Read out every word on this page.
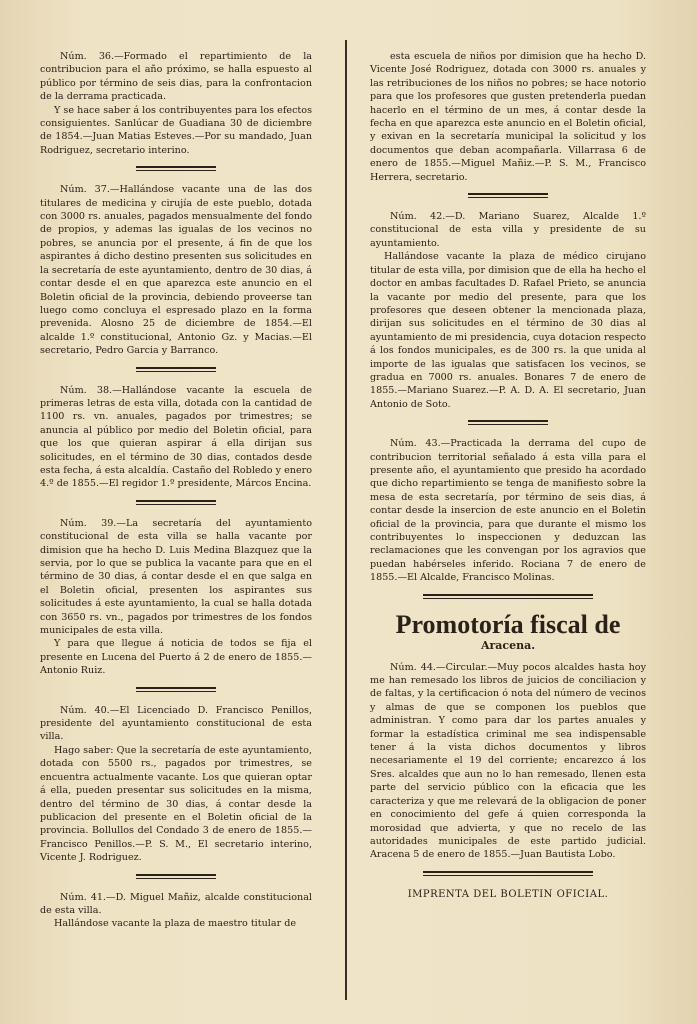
Núm. 36.—Formado el repartimiento de la contribucion para el año próximo, se halla espuesto al público por término de seis dias, para la confrontacion de la derrama practicada.

Y se hace saber á los contribuyentes para los efectos consiguientes. Sanlúcar de Guadiana 30 de diciembre de 1854.—Juan Matias Esteves.—Por su mandado, Juan Rodriguez, secretario interino.

Núm. 37.—Hallándose vacante una de las dos titulares de medicina y cirujía de este pueblo, dotada con 3000 rs. anuales, pagados mensualmente del fondo de propios, y ademas las igualas de los vecinos no pobres, se anuncia por el presente, á fin de que los aspirantes á dicho destino presenten sus solicitudes en la secretaría de este ayuntamiento, dentro de 30 dias, á contar desde el en que aparezca este anuncio en el Boletin oficial de la provincia, debiendo proveerse tan luego como concluya el espresado plazo en la forma prevenida. Alosno 25 de diciembre de 1854.—El alcalde 1.º constitucional, Antonio Gz. y Macias.—El secretario, Pedro Garcia y Barranco.

Núm. 38.—Hallándose vacante la escuela de primeras letras de esta villa, dotada con la cantidad de 1100 rs. vn. anuales, pagados por trimestres; se anuncia al público por medio del Boletin oficial, para que los que quieran aspirar á ella dirijan sus solicitudes, en el término de 30 dias, contados desde esta fecha, á esta alcaldía. Castaño del Robledo y enero 4.º de 1855.—El regidor 1.º presidente, Márcos Encina.

Núm. 39.—La secretaría del ayuntamiento constitucional de esta villa se halla vacante por dimision que ha hecho D. Luis Medina Blazquez que la servia, por lo que se publica la vacante para que en el término de 30 dias, á contar desde el en que salga en el Boletin oficial, presenten los aspirantes sus solicitudes á este ayuntamiento, la cual se halla dotada con 3650 rs. vn., pagados por trimestres de los fondos municipales de esta villa.

Y para que llegue á noticia de todos se fija el presente en Lucena del Puerto á 2 de enero de 1855.—Antonio Ruiz.

Núm. 40.—El Licenciado D. Francisco Penillos, presidente del ayuntamiento constitucional de esta villa.

Hago saber: Que la secretaría de este ayuntamiento, dotada con 5500 rs., pagados por trimestres, se encuentra actualmente vacante. Los que quieran optar á ella, pueden presentar sus solicitudes en la misma, dentro del término de 30 dias, á contar desde la publicacion del presente en el Boletin oficial de la provincia. Bollullos del Condado 3 de enero de 1855.—Francisco Penillos.—P. S. M., El secretario interino, Vicente J. Rodriguez.

Núm. 41.—D. Miguel Mañiz, alcalde constitucional de esta villa.

Hallándose vacante la plaza de maestro titular de

esta escuela de niños por dimision que ha hecho D. Vicente José Rodriguez, dotada con 3000 rs. anuales y las retribuciones de los niños no pobres; se hace notorio para que los profesores que gusten pretenderla puedan hacerlo en el término de un mes, á contar desde la fecha en que aparezca este anuncio en el Boletin oficial, y exivan en la secretaría municipal la solicitud y los documentos que deban acompañarla. Villarrasa 6 de enero de 1855.—Miguel Mañiz.—P. S. M., Francisco Herrera, secretario.

Núm. 42.—D. Mariano Suarez, Alcalde 1.º constitucional de esta villa y presidente de su ayuntamiento.

Hallándose vacante la plaza de médico cirujano titular de esta villa, por dimision que de ella ha hecho el doctor en ambas facultades D. Rafael Prieto, se anuncia la vacante por medio del presente, para que los profesores que deseen obtener la mencionada plaza, dirijan sus solicitudes en el término de 30 dias al ayuntamiento de mi presidencia, cuya dotacion respecto á los fondos municipales, es de 300 rs. la que unida al importe de las igualas que satisfacen los vecinos, se gradua en 7000 rs. anuales. Bonares 7 de enero de 1855.—Mariano Suarez.—P. A. D. A. El secretario, Juan Antonio de Soto.

Núm. 43.—Practicada la derrama del cupo de contribucion territorial señalado á esta villa para el presente año, el ayuntamiento que presido ha acordado que dicho repartimiento se tenga de manifiesto sobre la mesa de esta secretaría, por término de seis dias, á contar desde la insercion de este anuncio en el Boletin oficial de la provincia, para que durante el mismo los contribuyentes lo inspeccionen y deduzcan las reclamaciones que les convengan por los agravios que puedan habérseles inferido. Rociana 7 de enero de 1855.—El Alcalde, Francisco Molinas.

Promotoría fiscal de
Aracena.

Núm. 44.—Circular.—Muy pocos alcaldes hasta hoy me han remesado los libros de juicios de conciliacion y de faltas, y la certificacion ó nota del número de vecinos y almas de que se componen los pueblos que administran. Y como para dar los partes anuales y formar la estadística criminal me sea indispensable tener á la vista dichos documentos y libros necesariamente el 19 del corriente; encarezco á los Sres. alcaldes que aun no lo han remesado, llenen esta parte del servicio público con la eficacia que les caracteriza y que me relevará de la obligacion de poner en conocimiento del gefe á quien corresponda la morosidad que advierta, y que no recelo de las autoridades municipales de este partido judicial. Aracena 5 de enero de 1855.—Juan Bautista Lobo.

IMPRENTA DEL BOLETIN OFICIAL.
